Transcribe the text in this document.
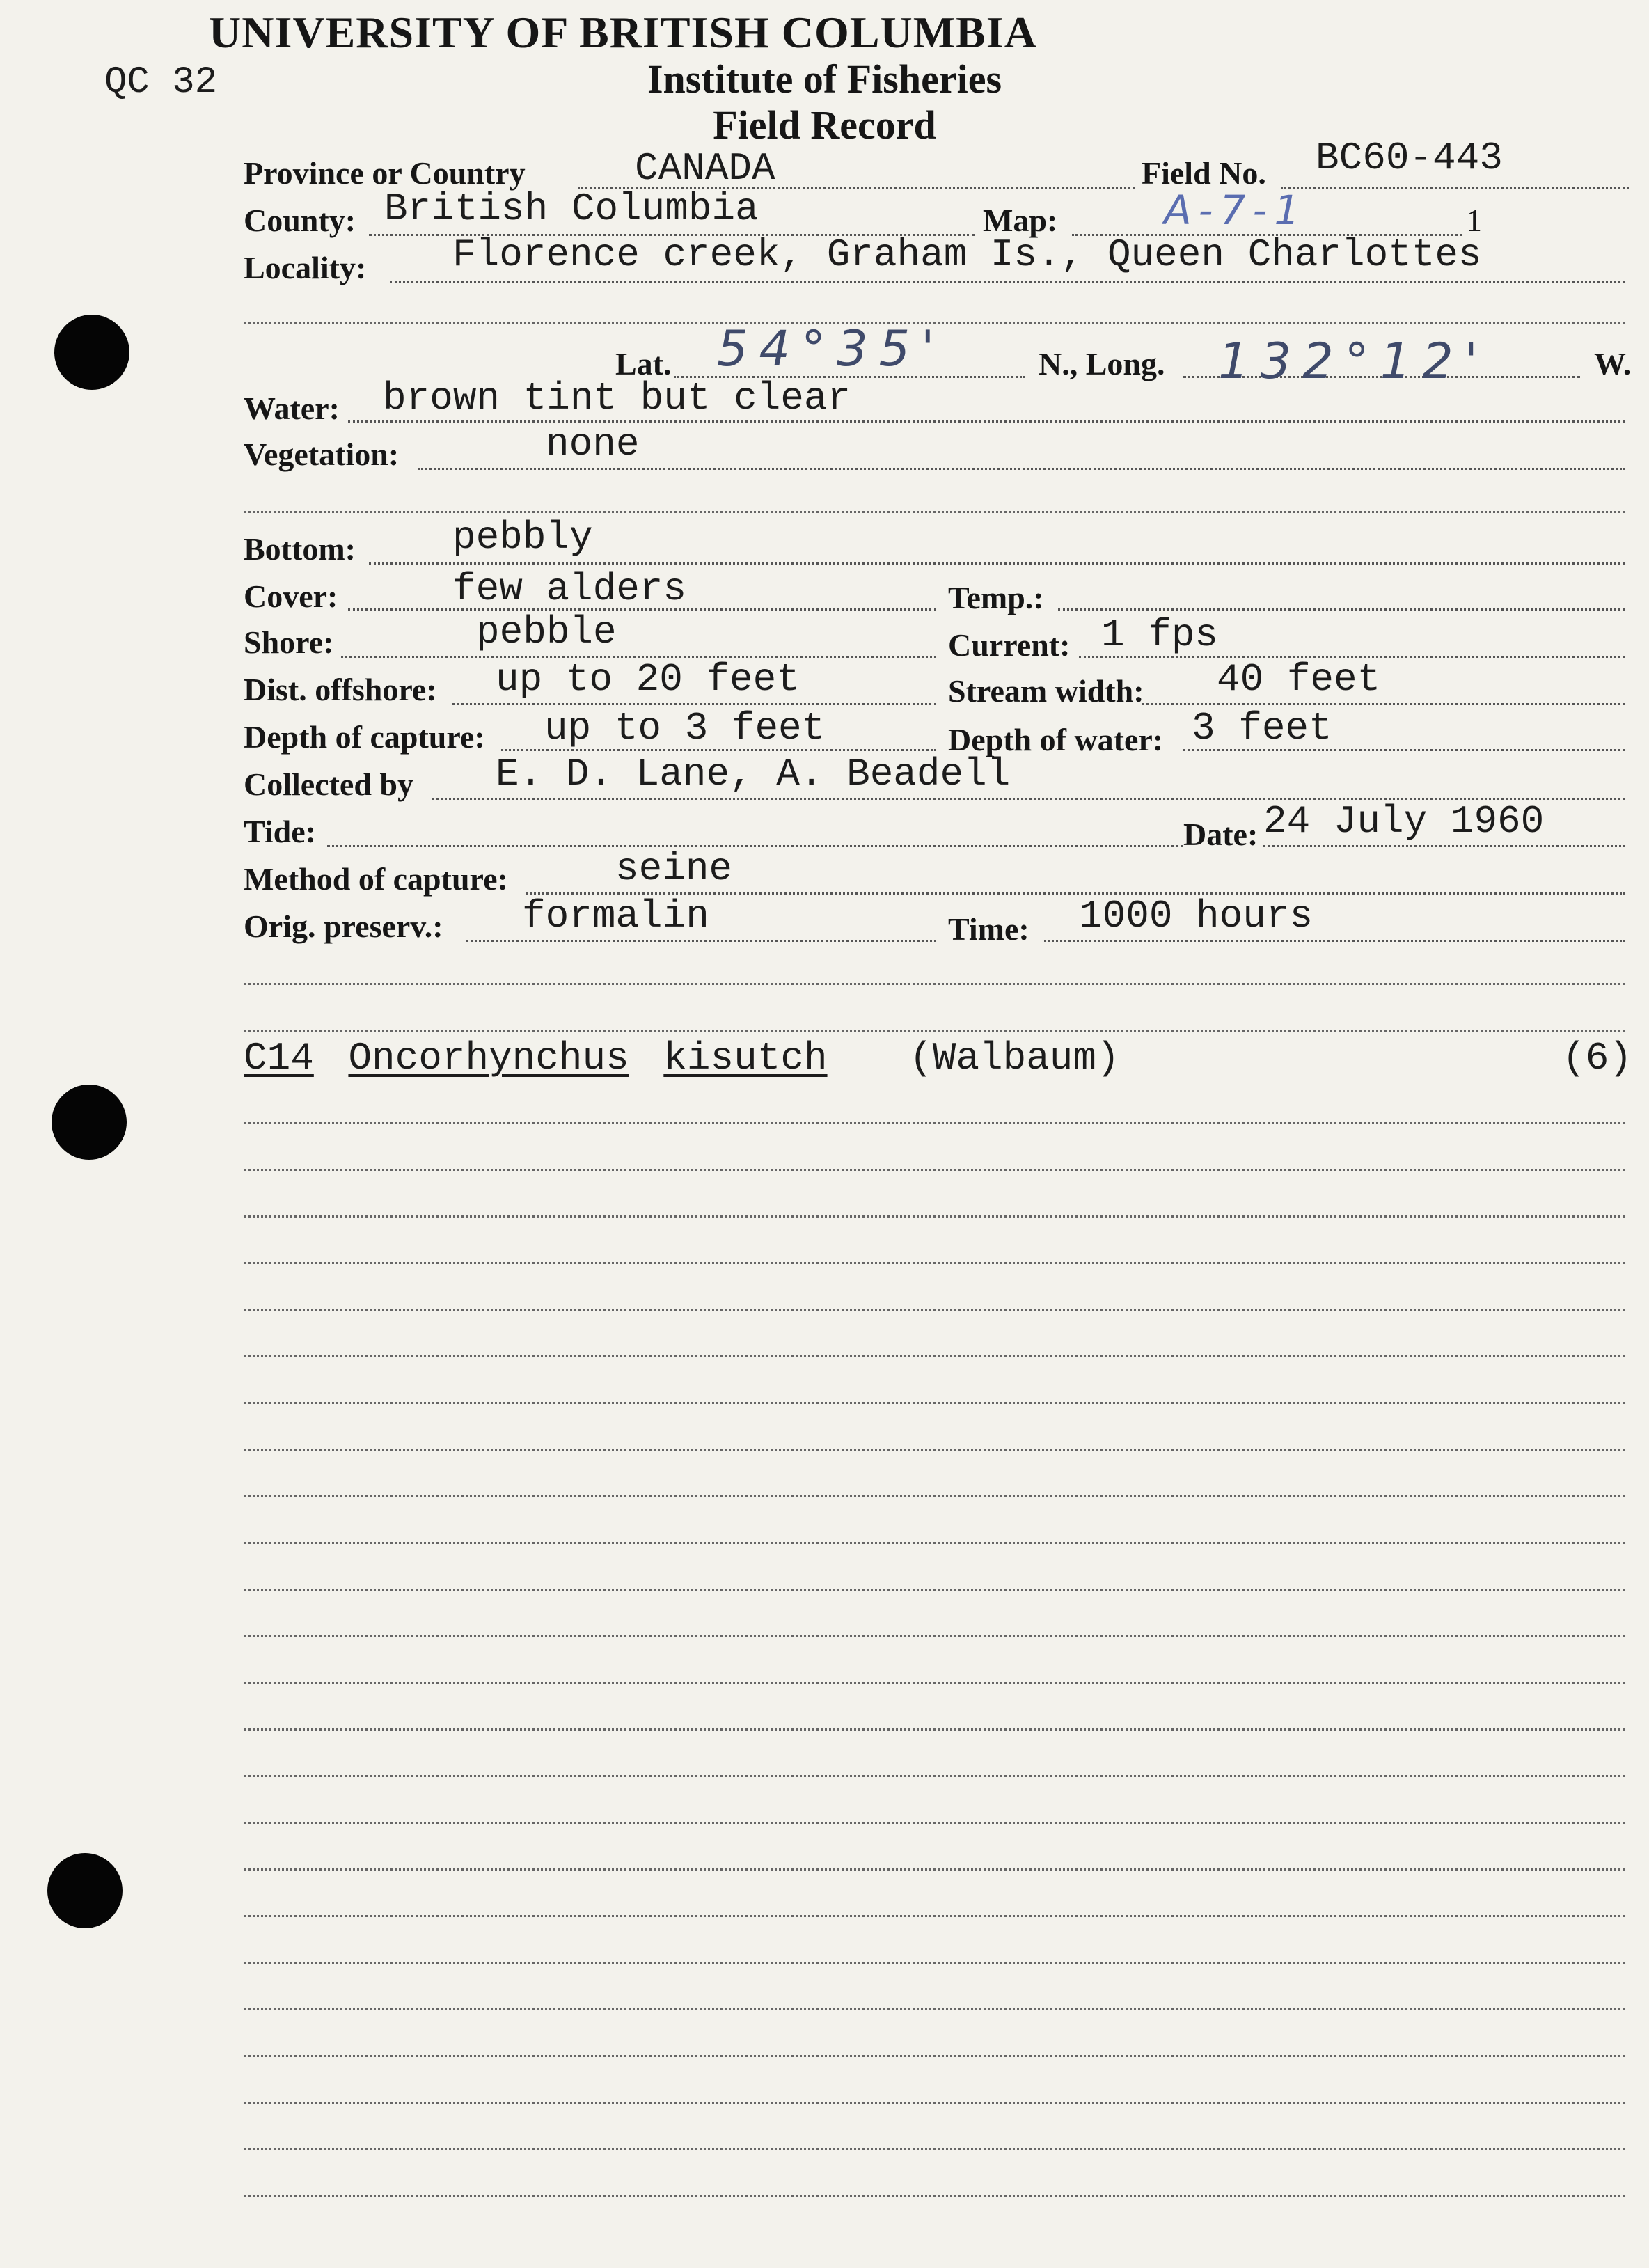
QC 32
UNIVERSITY OF BRITISH COLUMBIA
Institute of Fisheries
Field Record
Province or Country	CANADA	Field No. BC60-443
County: British Columbia	Map:	A-7-1	1
Locality: Florence creek, Graham Is., Queen Charlottes
Lat. 54°35'	N., Long. 132°12'	W.
Water: brown tint but clear
Vegetation:	none
Bottom: pebbly
Cover:	few alders	Temp.:
Shore:	pebble	Current: 1 fps
Dist. offshore: up to 20 feet	Stream width: 40 feet
Depth of capture: up to 3 feet	Depth of water: 3 feet
Collected by E. D. Lane, A. Beadell
Tide:	Date: 24 July 1960
Method of capture:	seine
Orig. preserv.: formalin	Time: 1000 hours
C14 Oncorhynchus kisutch (Walbaum)	(6)
